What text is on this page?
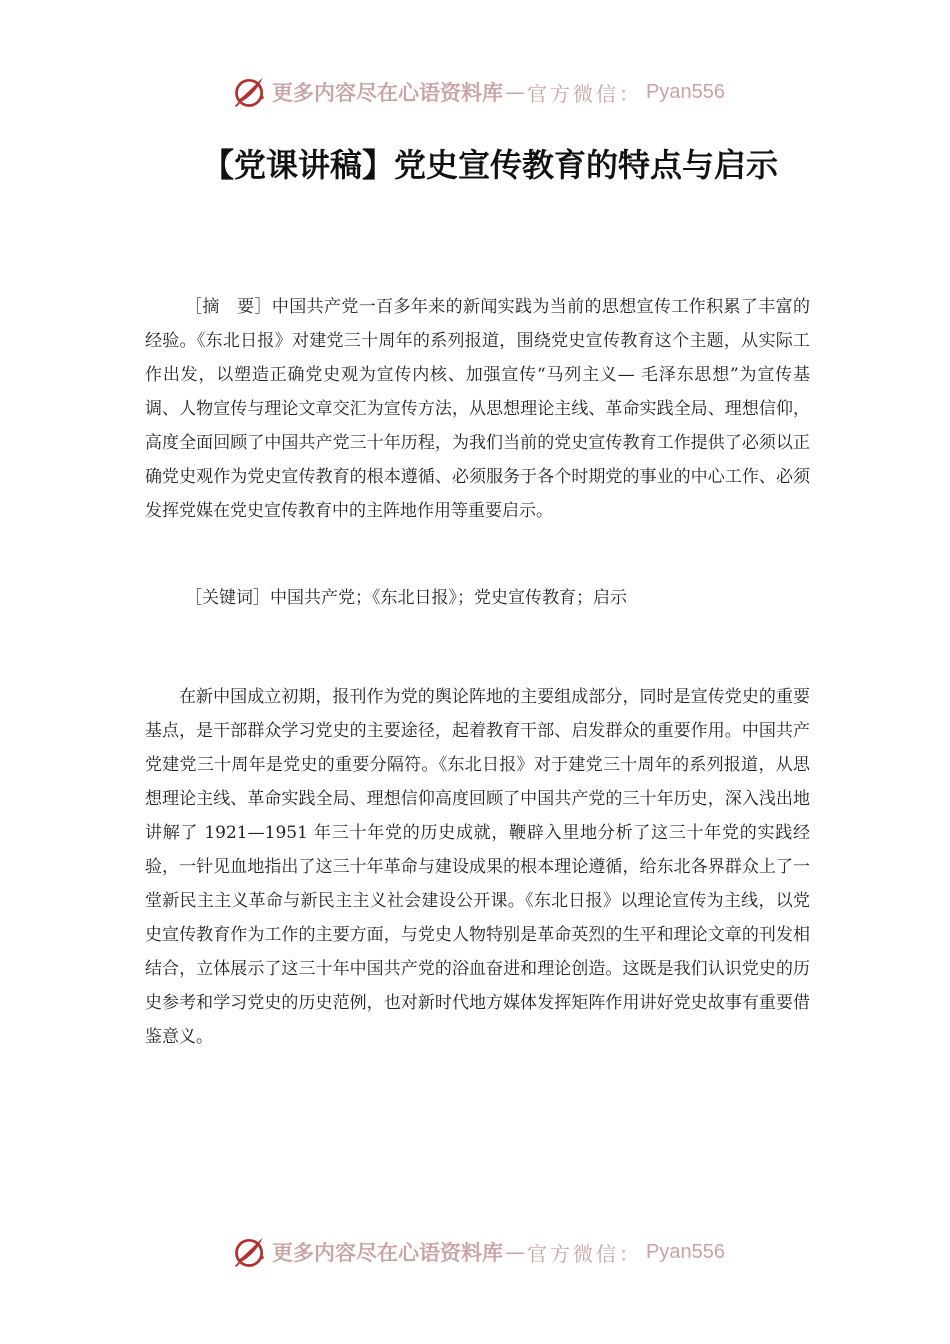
更多内容尽在心语资料库 — 官方微信： Pyan556
【党课讲稿】党史宣传教育的特点与启示

［摘　要］中国共产党一百多年来的新闻实践为当前的思想宣传工作积累了丰富的经验。《东北日报》对建党三十周年的系列报道，围绕党史宣传教育这个主题，从实际工作出发，以塑造正确党史观为宣传内核、加强宣传“马列主义— 毛泽东思想”为宣传基调、人物宣传与理论文章交汇为宣传方法，从思想理论主线、革命实践全局、理想信仰，高度全面回顾了中国共产党三十年历程，为我们当前的党史宣传教育工作提供了必须以正确党史观作为党史宣传教育的根本遵循、必须服务于各个时期党的事业的中心工作、必须发挥党媒在党史宣传教育中的主阵地作用等重要启示。

［关键词］中国共产党；《东北日报》；党史宣传教育；启示

在新中国成立初期，报刊作为党的舆论阵地的主要组成部分，同时是宣传党史的重要基点，是干部群众学习党史的主要途径，起着教育干部、启发群众的重要作用。中国共产党建党三十周年是党史的重要分隔符。《东北日报》对于建党三十周年的系列报道，从思想理论主线、革命实践全局、理想信仰高度回顾了中国共产党的三十年历史，深入浅出地讲解了 1921—1951 年三十年党的历史成就，鞭辟入里地分析了这三十年党的实践经验，一针见血地指出了这三十年革命与建设成果的根本理论遵循，给东北各界群众上了一堂新民主主义革命与新民主主义社会建设公开课。《东北日报》以理论宣传为主线，以党史宣传教育作为工作的主要方面，与党史人物特别是革命英烈的生平和理论文章的刊发相结合，立体展示了这三十年中国共产党的浴血奋进和理论创造。这既是我们认识党史的历史参考和学习党史的历史范例，也对新时代地方媒体发挥矩阵作用讲好党史故事有重要借鉴意义。

更多内容尽在心语资料库 — 官方微信： Pyan556
